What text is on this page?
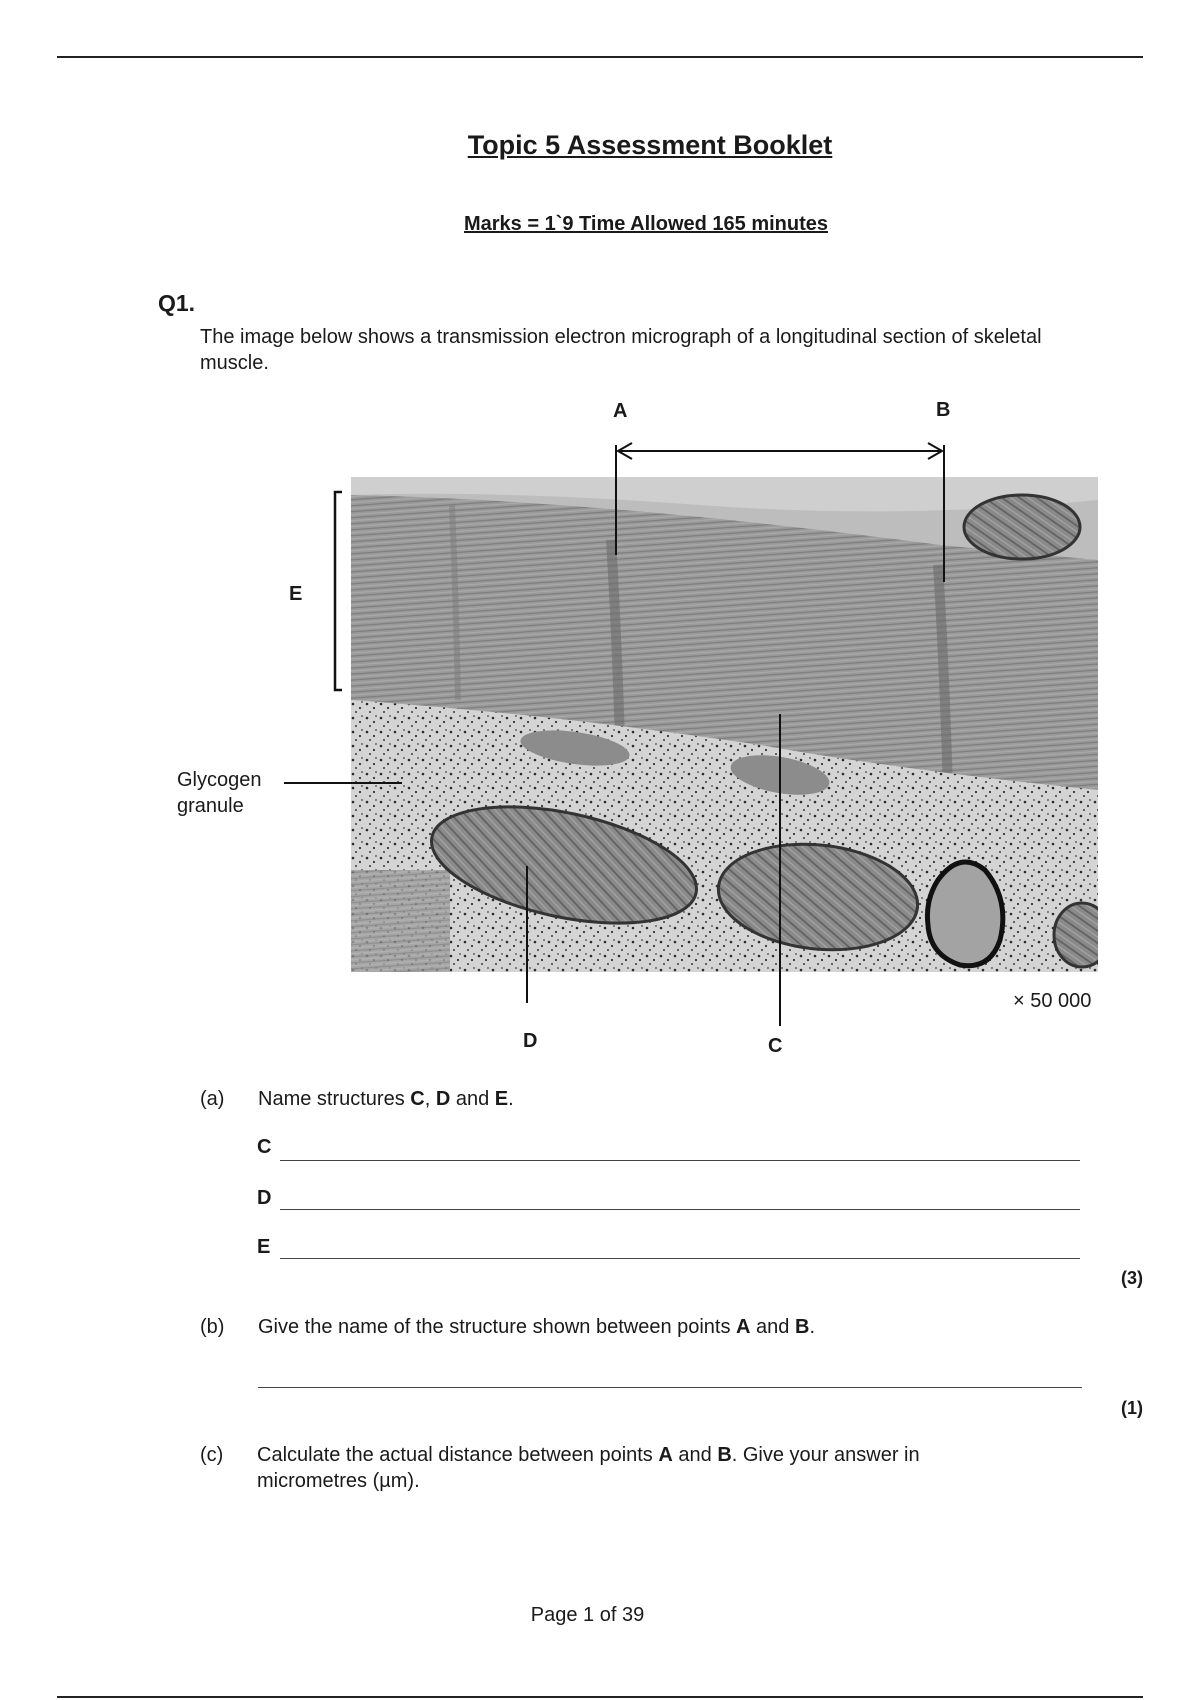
Topic 5 Assessment Booklet
Marks = 1`9 Time Allowed 165 minutes
Q1.
The image below shows a transmission electron micrograph of a longitudinal section of skeletal muscle.
A	B
E
D	C
Glycogen
granule
× 50 000
(a) Name structures C, D and E.
C
D
E
(3)
(b) Give the name of the structure shown between points A and B.
(1)
(c) Calculate the actual distance between points A and B. Give your answer in micrometres (µm).
Page 1 of 39
